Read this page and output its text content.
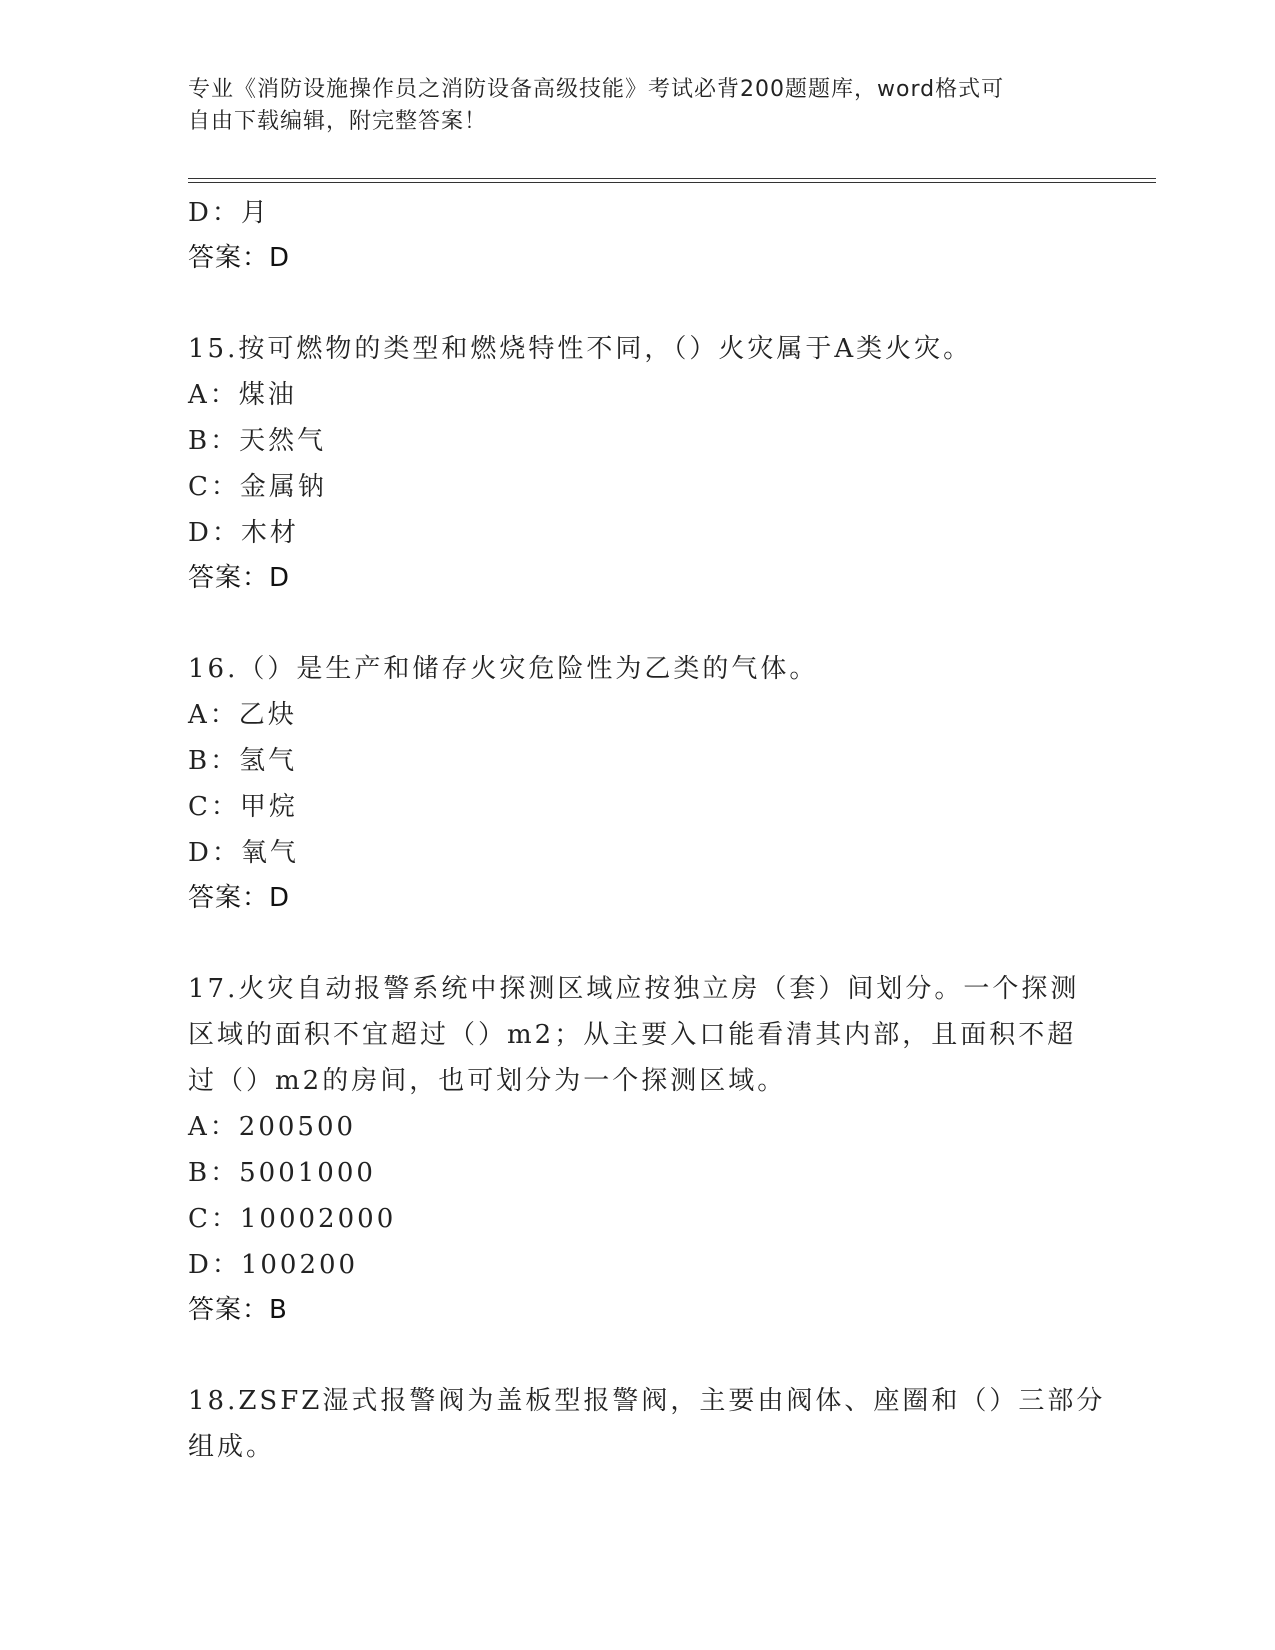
专业《消防设施操作员之消防设备高级技能》考试必背200题题库，word格式可
自由下载编辑，附完整答案！
D：月
答案：D
15.按可燃物的类型和燃烧特性不同，（）火灾属于A类火灾。
A：煤油
B：天然气
C：金属钠
D：木材
答案：D
16.（）是生产和储存火灾危险性为乙类的气体。
A：乙炔
B：氢气
C：甲烷
D：氧气
答案：D
17.火灾自动报警系统中探测区域应按独立房（套）间划分。一个探测
区域的面积不宜超过（）m2；从主要入口能看清其内部，且面积不超
过（）m2的房间，也可划分为一个探测区域。
A：200500
B：5001000
C：10002000
D：100200
答案：B
18.ZSFZ湿式报警阀为盖板型报警阀，主要由阀体、座圈和（）三部分
组成。
